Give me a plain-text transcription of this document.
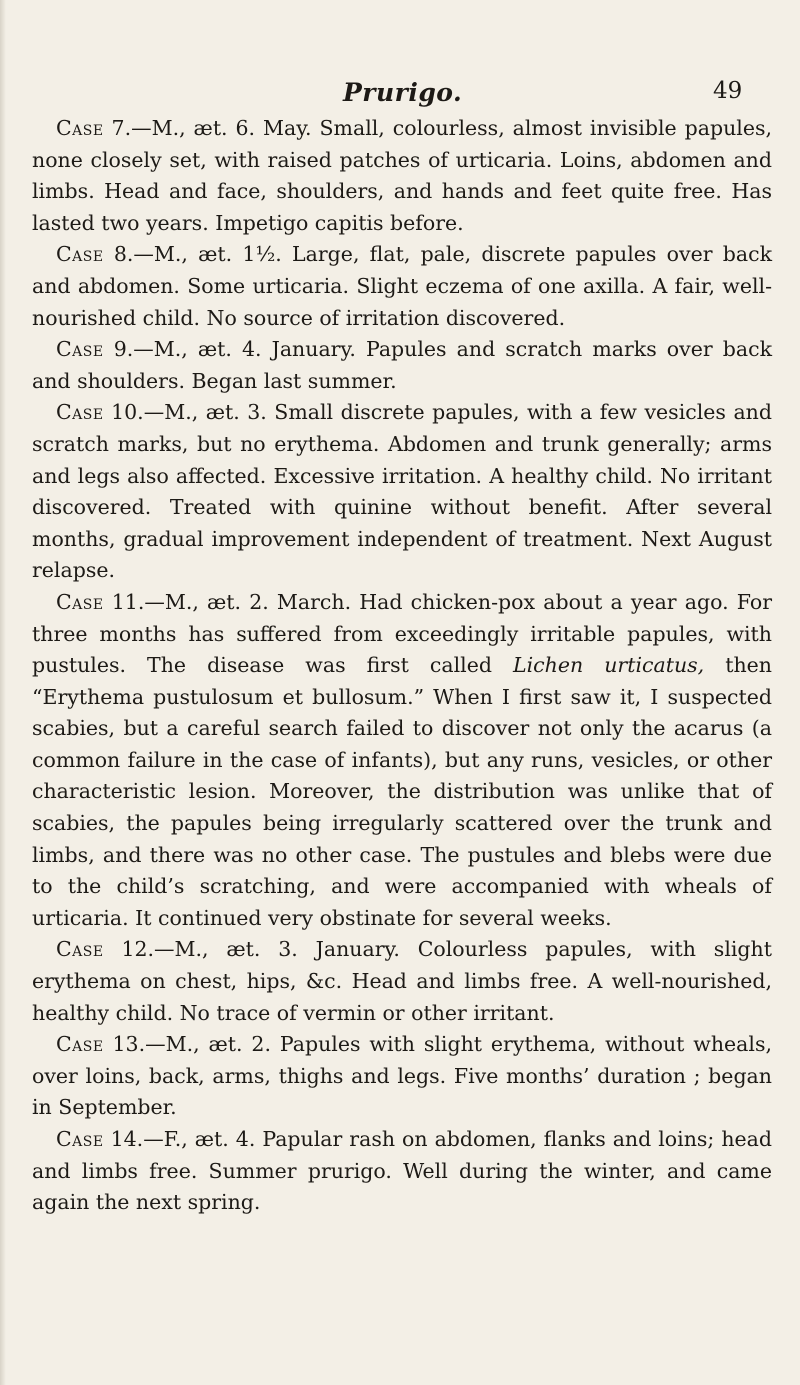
Prurigo.	49

Case 7.—M., æt. 6. May. Small, colourless, almost invisible papules, none closely set, with raised patches of urticaria. Loins, abdomen and limbs. Head and face, shoulders, and hands and feet quite free. Has lasted two years. Impetigo capitis before.

Case 8.—M., æt. 1½. Large, flat, pale, discrete papules over back and abdomen. Some urticaria. Slight eczema of one axilla. A fair, well-nourished child. No source of irritation discovered.

Case 9.—M., æt. 4. January. Papules and scratch marks over back and shoulders. Began last summer.

Case 10.—M., æt. 3. Small discrete papules, with a few vesicles and scratch marks, but no erythema. Abdomen and trunk generally; arms and legs also affected. Excessive irritation. A healthy child. No irritant discovered. Treated with quinine without benefit. After several months, gradual improvement independent of treatment. Next August relapse.

Case 11.—M., æt. 2. March. Had chicken-pox about a year ago. For three months has suffered from exceedingly irritable papules, with pustules. The disease was first called Lichen urticatus, then “Erythema pustulosum et bullosum.” When I first saw it, I suspected scabies, but a careful search failed to discover not only the acarus (a common failure in the case of infants), but any runs, vesicles, or other characteristic lesion. Moreover, the distribution was unlike that of scabies, the papules being irregularly scattered over the trunk and limbs, and there was no other case. The pustules and blebs were due to the child’s scratching, and were accompanied with wheals of urticaria. It continued very obstinate for several weeks.

Case 12.—M., æt. 3. January. Colourless papules, with slight erythema on chest, hips, &c. Head and limbs free. A well-nourished, healthy child. No trace of vermin or other irritant.

Case 13.—M., æt. 2. Papules with slight erythema, without wheals, over loins, back, arms, thighs and legs. Five months’ duration ; began in September.

Case 14.—F., æt. 4. Papular rash on abdomen, flanks and loins; head and limbs free. Summer prurigo. Well during the winter, and came again the next spring.
